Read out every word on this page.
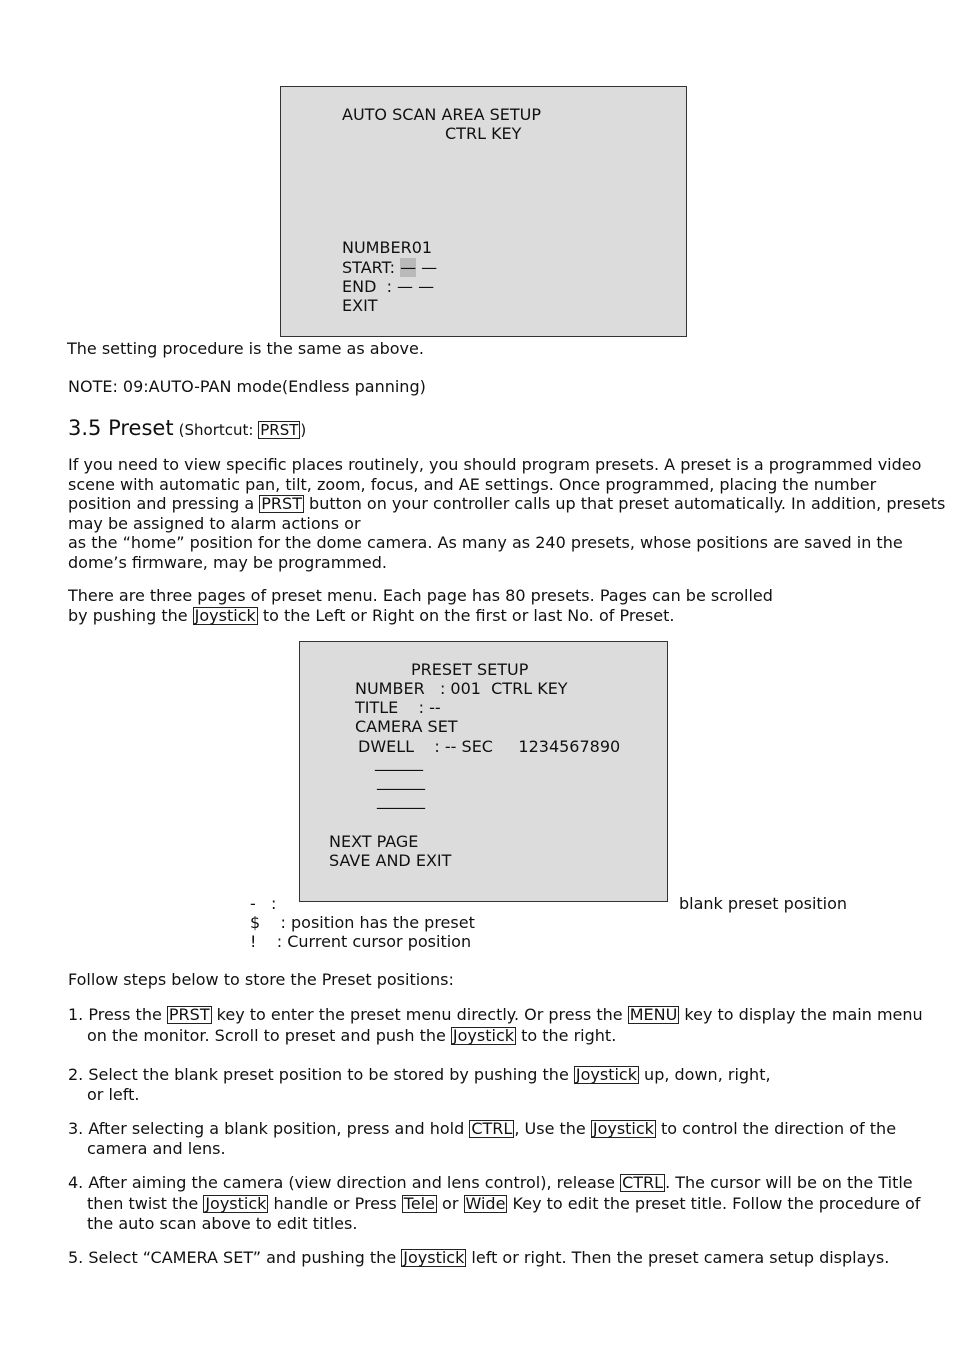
AUTO SCAN AREA SETUP
CTRL KEY
NUMBER01
START: — —
END  : — —
EXIT
The setting procedure is the same as above.
NOTE: 09:AUTO-PAN mode(Endless panning)
3.5 Preset (Shortcut: PRST )
If you need to view specific places routinely, you should program presets. A preset is a programmed video
scene with automatic pan, tilt, zoom, focus, and AE settings. Once programmed, placing the number
position and pressing a PRST button on your controller calls up that preset automatically. In addition, presets
may be assigned to alarm actions or
as the “home” position for the dome camera. As many as 240 presets, whose positions are saved in the
dome’s firmware, may be programmed.
There are three pages of preset menu. Each page has 80 presets. Pages can be scrolled
by pushing the Joystick to the Left or Right on the first or last No. of Preset.
PRESET SETUP
NUMBER   : 001  CTRL KEY
TITLE    : --
CAMERA SET
DWELL    : -- SEC     1234567890
______
______
______
NEXT PAGE
SAVE AND EXIT
-   :	blank preset position
$    : position has the preset
!    : Current cursor position
Follow steps below to store the Preset positions:
1. Press the PRST key to enter the preset menu directly. Or press the MENU key to display the main menu
on the monitor. Scroll to preset and push the Joystick to the right.
2. Select the blank preset position to be stored by pushing the Joystick up, down, right,
or left.
3. After selecting a blank position, press and hold CTRL , Use the Joystick to control the direction of the
camera and lens.
4. After aiming the camera (view direction and lens control), release CTRL . The cursor will be on the Title
then twist the Joystick handle or Press Tele or Wide Key to edit the preset title. Follow the procedure of
the auto scan above to edit titles.
5. Select “CAMERA SET” and pushing the Joystick left or right. Then the preset camera setup displays.
